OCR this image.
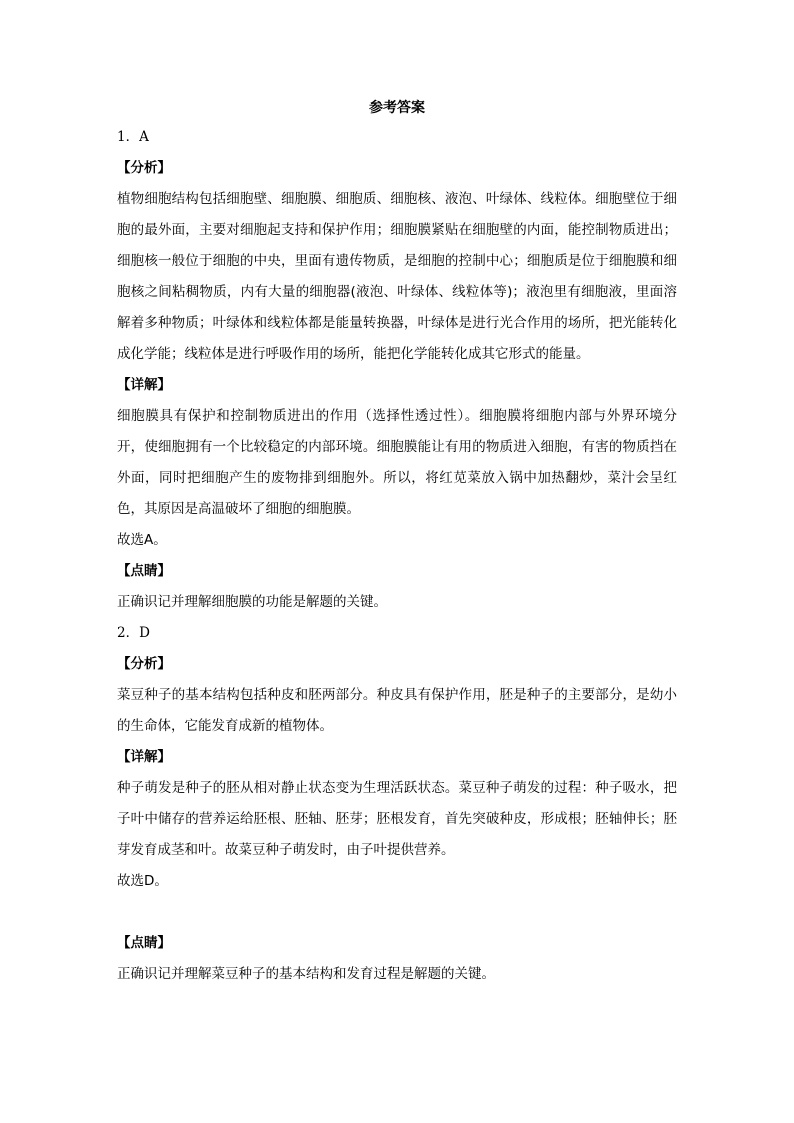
参考答案
1．A
【分析】

植物细胞结构包括细胞壁、细胞膜、细胞质、细胞核、液泡、叶绿体、线粒体。细胞壁位于细胞的最外面，主要对细胞起支持和保护作用；细胞膜紧贴在细胞壁的内面，能控制物质进出；细胞核一般位于细胞的中央，里面有遗传物质，是细胞的控制中心；细胞质是位于细胞膜和细胞核之间粘稠物质，内有大量的细胞器(液泡、叶绿体、线粒体等)；液泡里有细胞液，里面溶解着多种物质；叶绿体和线粒体都是能量转换器，叶绿体是进行光合作用的场所，把光能转化成化学能；线粒体是进行呼吸作用的场所，能把化学能转化成其它形式的能量。

【详解】

细胞膜具有保护和控制物质进出的作用（选择性透过性）。细胞膜将细胞内部与外界环境分开，使细胞拥有一个比较稳定的内部环境。细胞膜能让有用的物质进入细胞，有害的物质挡在外面，同时把细胞产生的废物排到细胞外。所以，将红苋菜放入锅中加热翻炒，菜汁会呈红色，其原因是高温破坏了细胞的细胞膜。

故选A。
【点睛】
正确识记并理解细胞膜的功能是解题的关键。
2．D
【分析】

菜豆种子的基本结构包括种皮和胚两部分。种皮具有保护作用，胚是种子的主要部分，是幼小的生命体，它能发育成新的植物体。

【详解】

种子萌发是种子的胚从相对静止状态变为生理活跃状态。菜豆种子萌发的过程：种子吸水，把子叶中储存的营养运给胚根、胚轴、胚芽；胚根发育，首先突破种皮，形成根；胚轴伸长；胚芽发育成茎和叶。故菜豆种子萌发时，由子叶提供营养。

故选D。
【点睛】
正确识记并理解菜豆种子的基本结构和发育过程是解题的关键。
